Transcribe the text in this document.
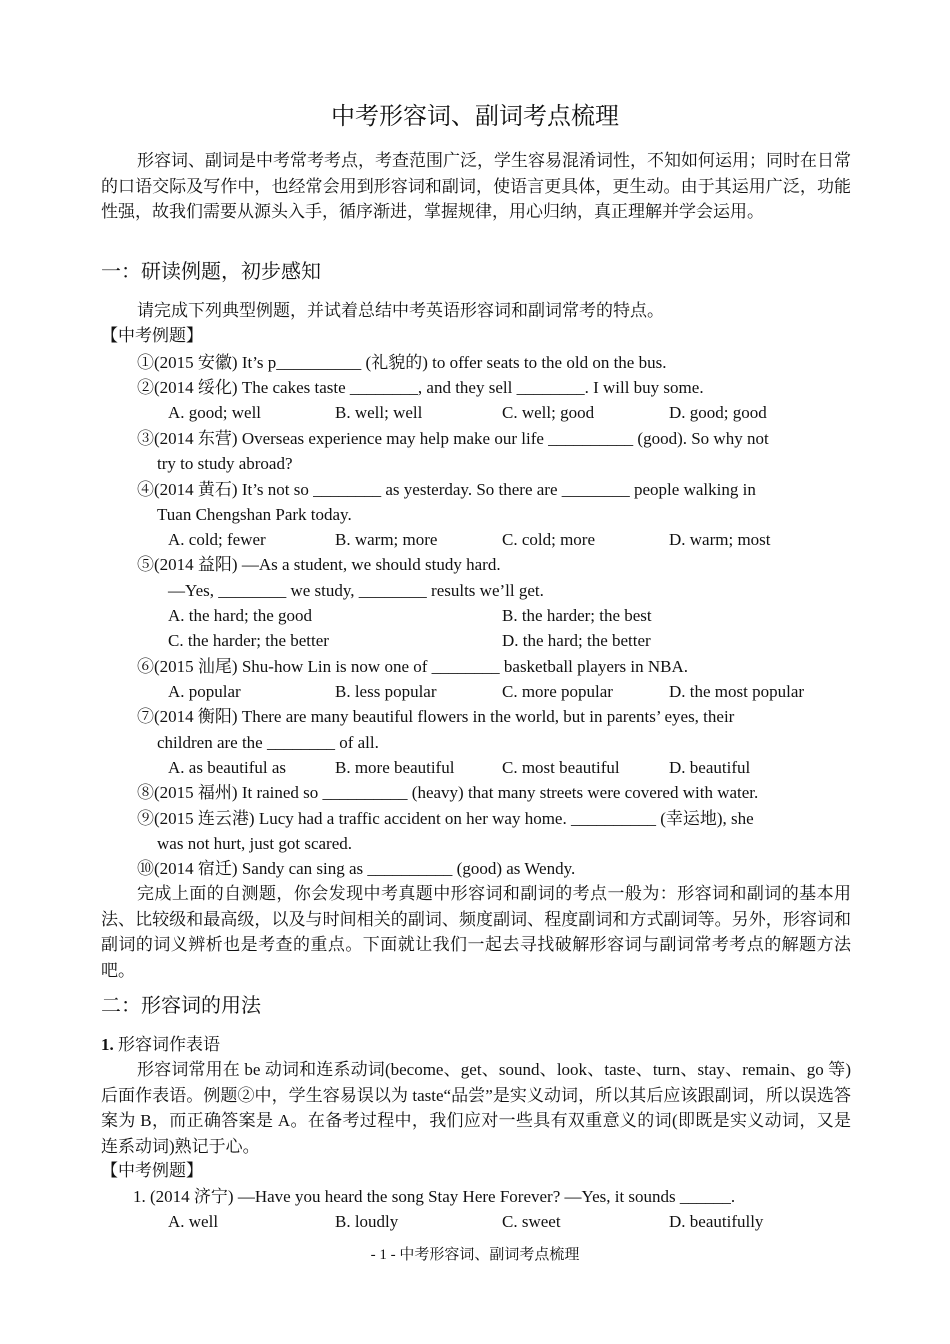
中考形容词、副词考点梳理
形容词、副词是中考常考考点，考查范围广泛，学生容易混淆词性，不知如何运用；同时在日常的口语交际及写作中，也经常会用到形容词和副词，使语言更具体，更生动。由于其运用广泛，功能性强，故我们需要从源头入手，循序渐进，掌握规律，用心归纳，真正理解并学会运用。
一：研读例题，初步感知
请完成下列典型例题，并试着总结中考英语形容词和副词常考的特点。
【中考例题】
①(2015 安徽) It’s p__________ (礼貌的) to offer seats to the old on the bus.
②(2014 绥化) The cakes taste ________, and they sell ________. I will buy some.
A. good; well	B. well; well	C. well; good	D. good; good
③(2014 东营) Overseas experience may help make our life __________ (good). So why not
try to study abroad?
④(2014 黄石) It’s not so ________ as yesterday. So there are ________ people walking in
Tuan Chengshan Park today.
A. cold; fewer	B. warm; more	C. cold; more	D. warm; most
⑤(2014 益阳) —As a student, we should study hard.
—Yes, ________ we study, ________ results we’ll get.
A. the hard; the good	B. the harder; the best
C. the harder; the better	D. the hard; the better
⑥(2015 汕尾) Shu-how Lin is now one of ________ basketball players in NBA.
A. popular	B. less popular	C. more popular	D. the most popular
⑦(2014 衡阳) There are many beautiful flowers in the world, but in parents’ eyes, their
children are the ________ of all.
A. as beautiful as	B. more beautiful	C. most beautiful	D. beautiful
⑧(2015 福州) It rained so __________ (heavy) that many streets were covered with water.
⑨(2015 连云港) Lucy had a traffic accident on her way home. __________ (幸运地), she
was not hurt, just got scared.
⑩(2014 宿迁) Sandy can sing as __________ (good) as Wendy.
完成上面的自测题，你会发现中考真题中形容词和副词的考点一般为：形容词和副词的基本用法、比较级和最高级，以及与时间相关的副词、频度副词、程度副词和方式副词等。另外，形容词和副词的词义辨析也是考查的重点。下面就让我们一起去寻找破解形容词与副词常考考点的解题方法吧。
二：形容词的用法
1. 形容词作表语
形容词常用在 be 动词和连系动词(become、get、sound、look、taste、turn、stay、remain、go 等)后面作表语。例题②中，学生容易误以为 taste“品尝”是实义动词，所以其后应该跟副词，所以误选答案为 B，而正确答案是 A。在备考过程中，我们应对一些具有双重意义的词(即既是实义动词，又是连系动词)熟记于心。
【中考例题】
1. (2014 济宁) —Have you heard the song Stay Here Forever? —Yes, it sounds ______.
A. well	B. loudly	C. sweet	D. beautifully
- 1 - 中考形容词、副词考点梳理
